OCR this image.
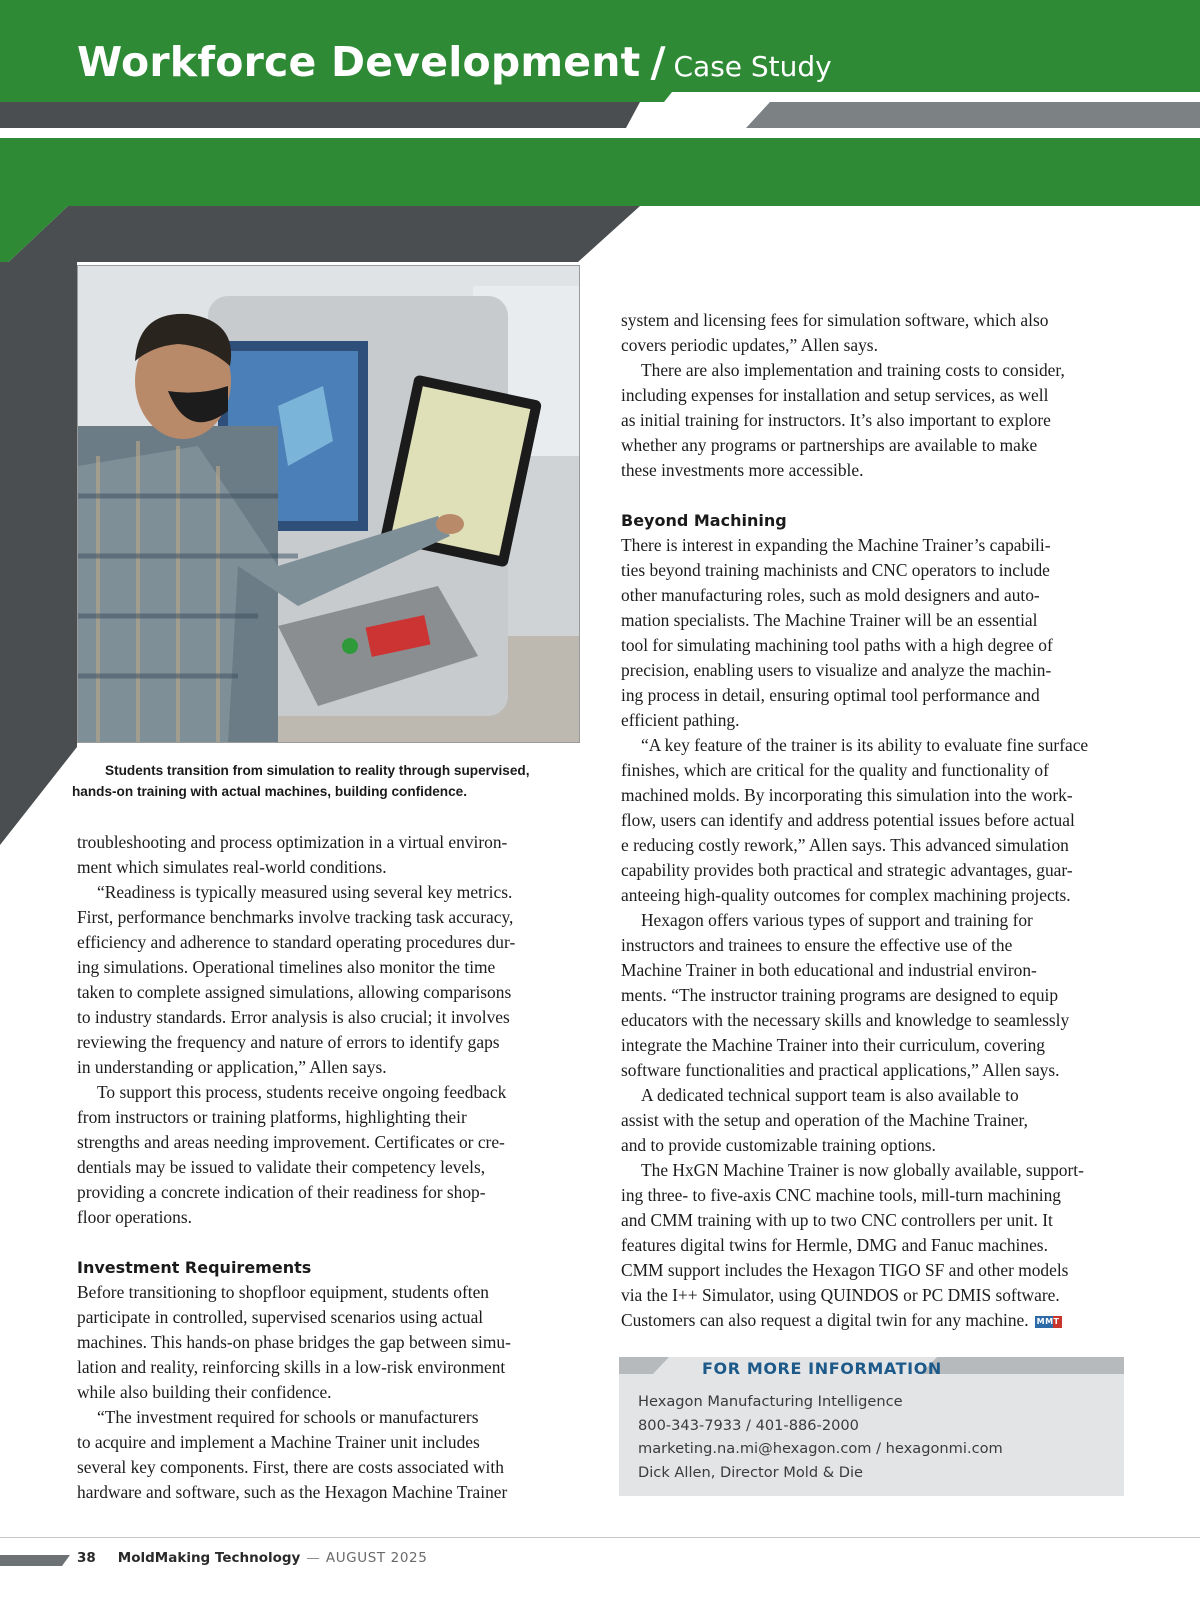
Workforce Development / Case Study
Students transition from simulation to reality through supervised,
hands-on training with actual machines, building confidence.

troubleshooting and process optimization in a virtual environ-

ment which simulates real-world conditions.

“Readiness is typically measured using several key metrics.

First, performance benchmarks involve tracking task accuracy,

efficiency and adherence to standard operating procedures dur-

ing simulations. Operational timelines also monitor the time

taken to complete assigned simulations, allowing comparisons

to industry standards. Error analysis is also crucial; it involves

reviewing the frequency and nature of errors to identify gaps

in understanding or application,” Allen says.

To support this process, students receive ongoing feedback

from instructors or training platforms, highlighting their

strengths and areas needing improvement. Certificates or cre-

dentials may be issued to validate their competency levels,

providing a concrete indication of their readiness for shop-

floor operations.

Investment Requirements

Before transitioning to shopfloor equipment, students often

participate in controlled, supervised scenarios using actual

machines. This hands-on phase bridges the gap between simu-

lation and reality, reinforcing skills in a low-risk environment

while also building their confidence.

“The investment required for schools or manufacturers

to acquire and implement a Machine Trainer unit includes

several key components. First, there are costs associated with

hardware and software, such as the Hexagon Machine Trainer

system and licensing fees for simulation software, which also

covers periodic updates,” Allen says.

There are also implementation and training costs to consider,

including expenses for installation and setup services, as well

as initial training for instructors. It’s also important to explore

whether any programs or partnerships are available to make

these investments more accessible.

Beyond Machining

There is interest in expanding the Machine Trainer’s capabili-

ties beyond training machinists and CNC operators to include

other manufacturing roles, such as mold designers and auto-

mation specialists. The Machine Trainer will be an essential

tool for simulating machining tool paths with a high degree of

precision, enabling users to visualize and analyze the machin-

ing process in detail, ensuring optimal tool performance and

efficient pathing.

“A key feature of the trainer is its ability to evaluate fine surface

finishes, which are critical for the quality and functionality of

machined molds. By incorporating this simulation into the work-

flow, users can identify and address potential issues before actual

e reducing costly rework,” Allen says. This advanced simulation

capability provides both practical and strategic advantages, guar-

anteeing high-quality outcomes for complex machining projects.

Hexagon offers various types of support and training for

instructors and trainees to ensure the effective use of the

Machine Trainer in both educational and industrial environ-

ments. “The instructor training programs are designed to equip

educators with the necessary skills and knowledge to seamlessly

integrate the Machine Trainer into their curriculum, covering

software functionalities and practical applications,” Allen says.

A dedicated technical support team is also available to

assist with the setup and operation of the Machine Trainer,

and to provide customizable training options.

The HxGN Machine Trainer is now globally available, support-

ing three- to five-axis CNC machine tools, mill-turn machining

and CMM training with up to two CNC controllers per unit. It

features digital twins for Hermle, DMG and Fanuc machines.

CMM support includes the Hexagon TIGO SF and other models

via the I++ Simulator, using QUINDOS or PC DMIS software.

Customers can also request a digital twin for any machine. MMT

FOR MORE INFORMATION
Hexagon Manufacturing Intelligence
800-343-7933 / 401-886-2000
marketing.na.mi@hexagon.com / hexagonmi.com
Dick Allen, Director Mold & Die
38 MoldMaking Technology — AUGUST 2025
